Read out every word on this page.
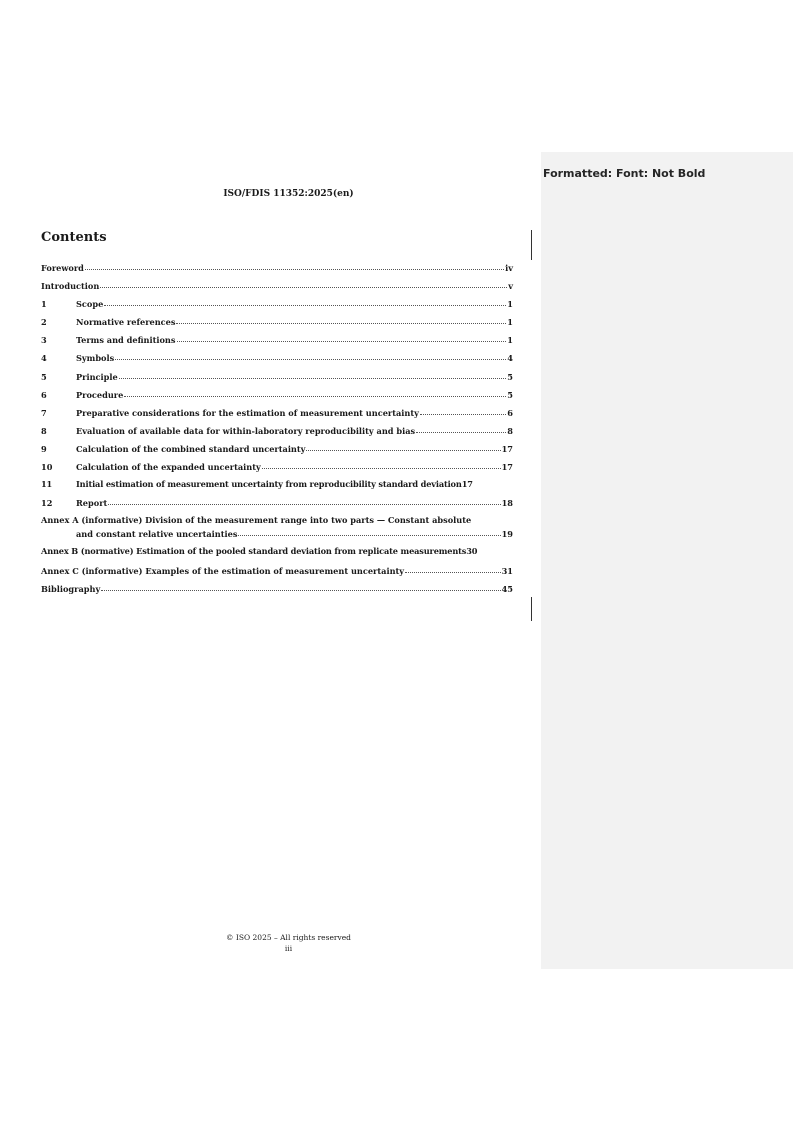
Formatted: Font: Not Bold
ISO/FDIS 11352:2025(en)
Contents
Foreword	iv
Introduction	v
1	Scope	1
2	Normative references	1
3	Terms and definitions	1
4	Symbols	4
5	Principle	5
6	Procedure	5
7	Preparative considerations for the estimation of measurement uncertainty	6
8	Evaluation of available data for within-laboratory reproducibility and bias	8
9	Calculation of the combined standard uncertainty	17
10	Calculation of the expanded uncertainty	17
11	Initial estimation of measurement uncertainty from reproducibility standard deviation 17
12	Report	18
Annex A (informative) Division of the measurement range into two parts — Constant absolute
and constant relative uncertainties	19
Annex B (normative) Estimation of the pooled standard deviation from replicate measurements 30
Annex C (informative) Examples of the estimation of measurement uncertainty	31
Bibliography	45
© ISO 2025 – All rights reserved
iii
